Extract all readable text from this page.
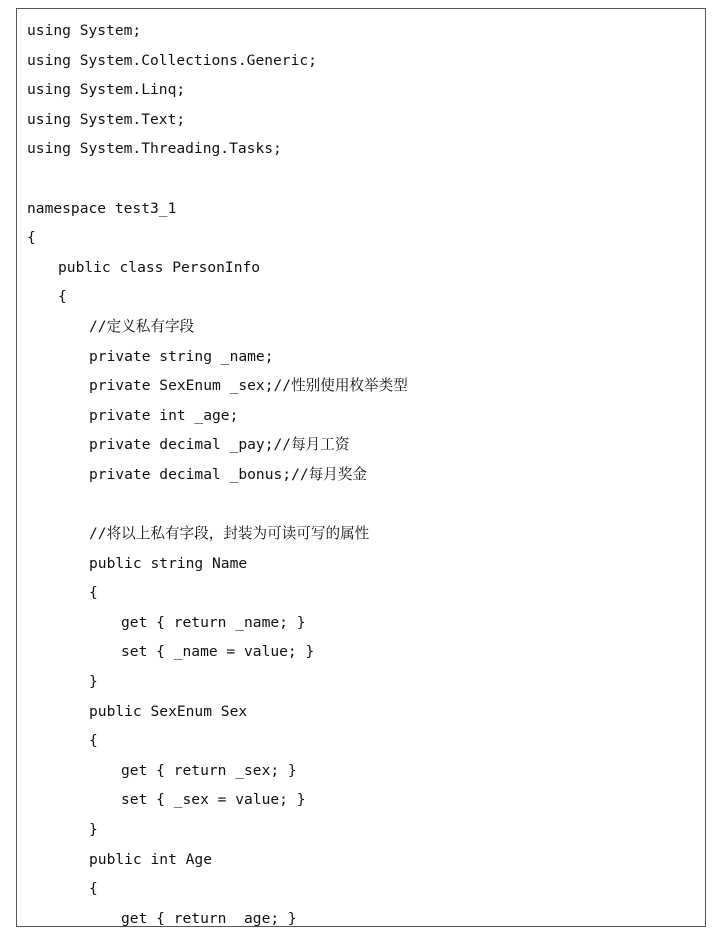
using System;
using System.Collections.Generic;
using System.Linq;
using System.Text;
using System.Threading.Tasks;
namespace test3_1
{
public class PersonInfo
{
//定义私有字段
private string _name;
private SexEnum _sex;//性别使用枚举类型
private int _age;
private decimal _pay;//每月工资
private decimal _bonus;//每月奖金
//将以上私有字段，封装为可读可写的属性
public string Name
{
get { return _name; }
set { _name = value; }
}
public SexEnum Sex
{
get { return _sex; }
set { _sex = value; }
}
public int Age
{
get { return _age; }
